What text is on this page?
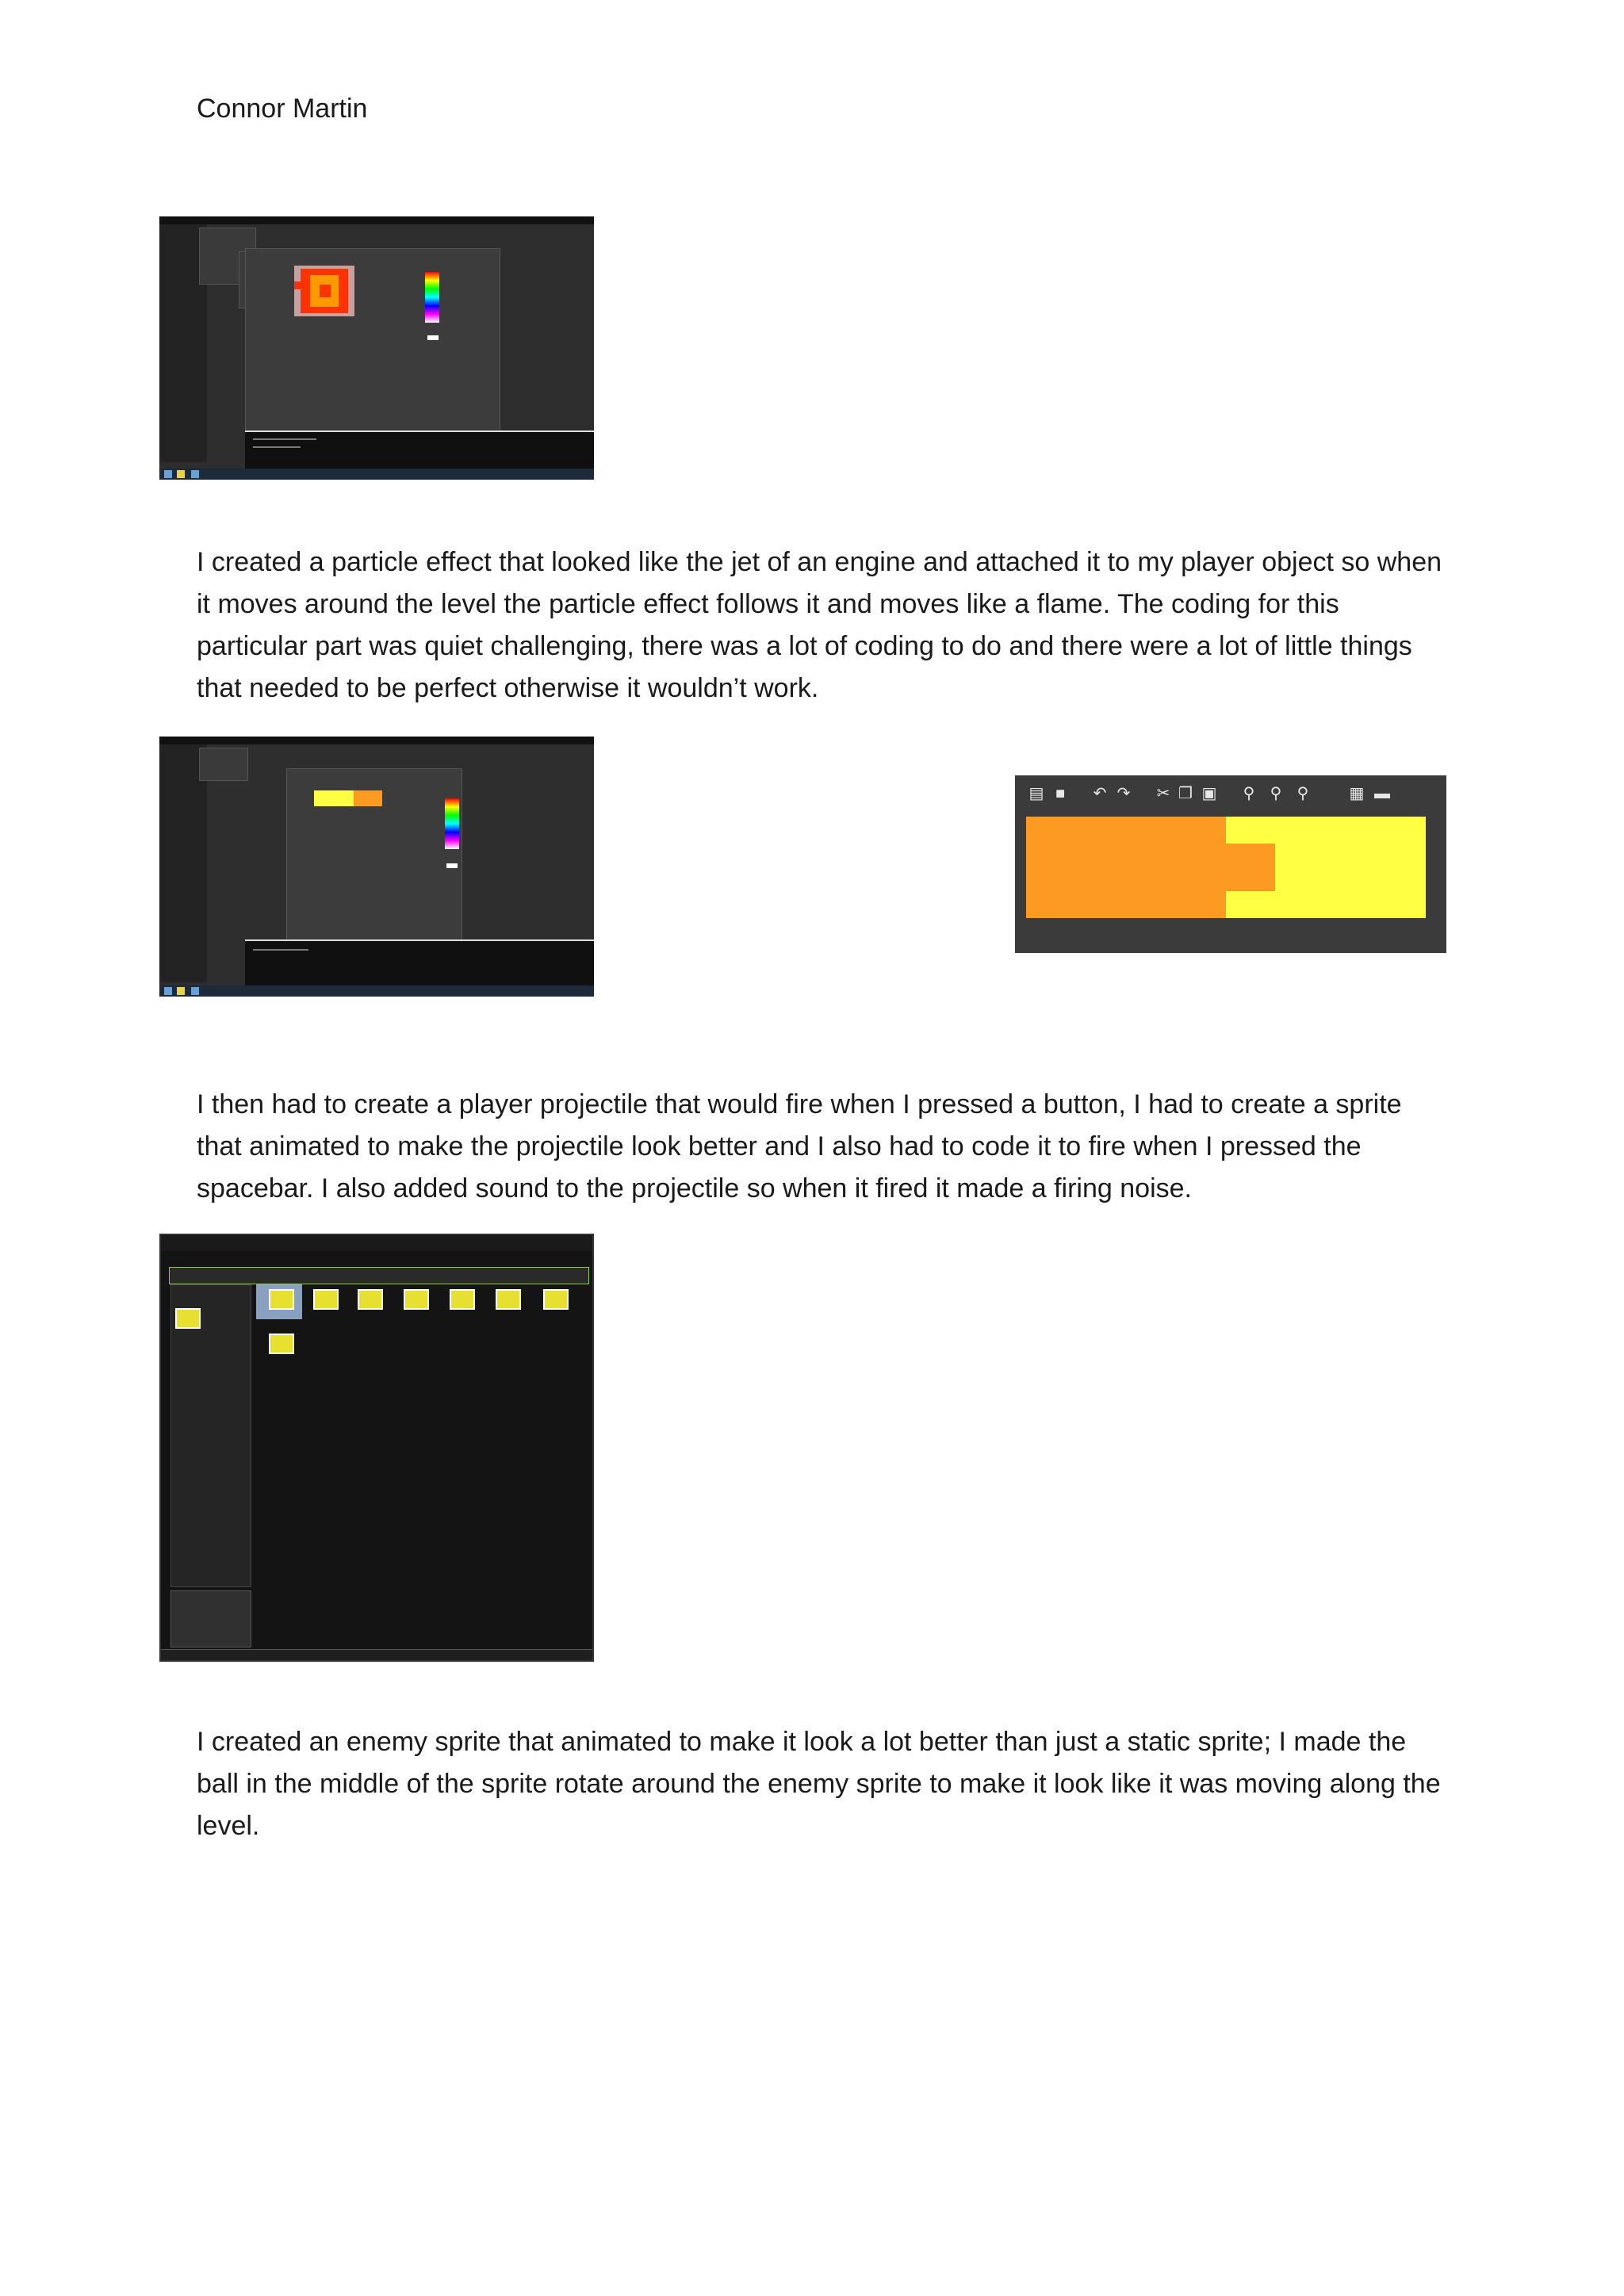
Connor Martin

I created a particle effect that looked like the jet of an engine and attached it to my player object so when it moves around the level the particle effect follows it and moves like a flame. The coding for this particular part was quiet challenging, there was a lot of coding to do and there were a lot of little things that needed to be perfect otherwise it wouldn’t work.

▤ ■ ↶ ↷ ✂ ❐ ▣ ⚲ ⚲ ⚲	▦ ▬

I then had to create a player projectile that would fire when I pressed a button, I had to create a sprite that animated to make the projectile look better and I also had to code it to fire when I pressed the spacebar. I also added sound to the projectile so when it fired it made a firing noise.

I created an enemy sprite that animated to make it look a lot better than just a static sprite; I made the ball in the middle of the sprite rotate around the enemy sprite to make it look like it was moving along the level.
